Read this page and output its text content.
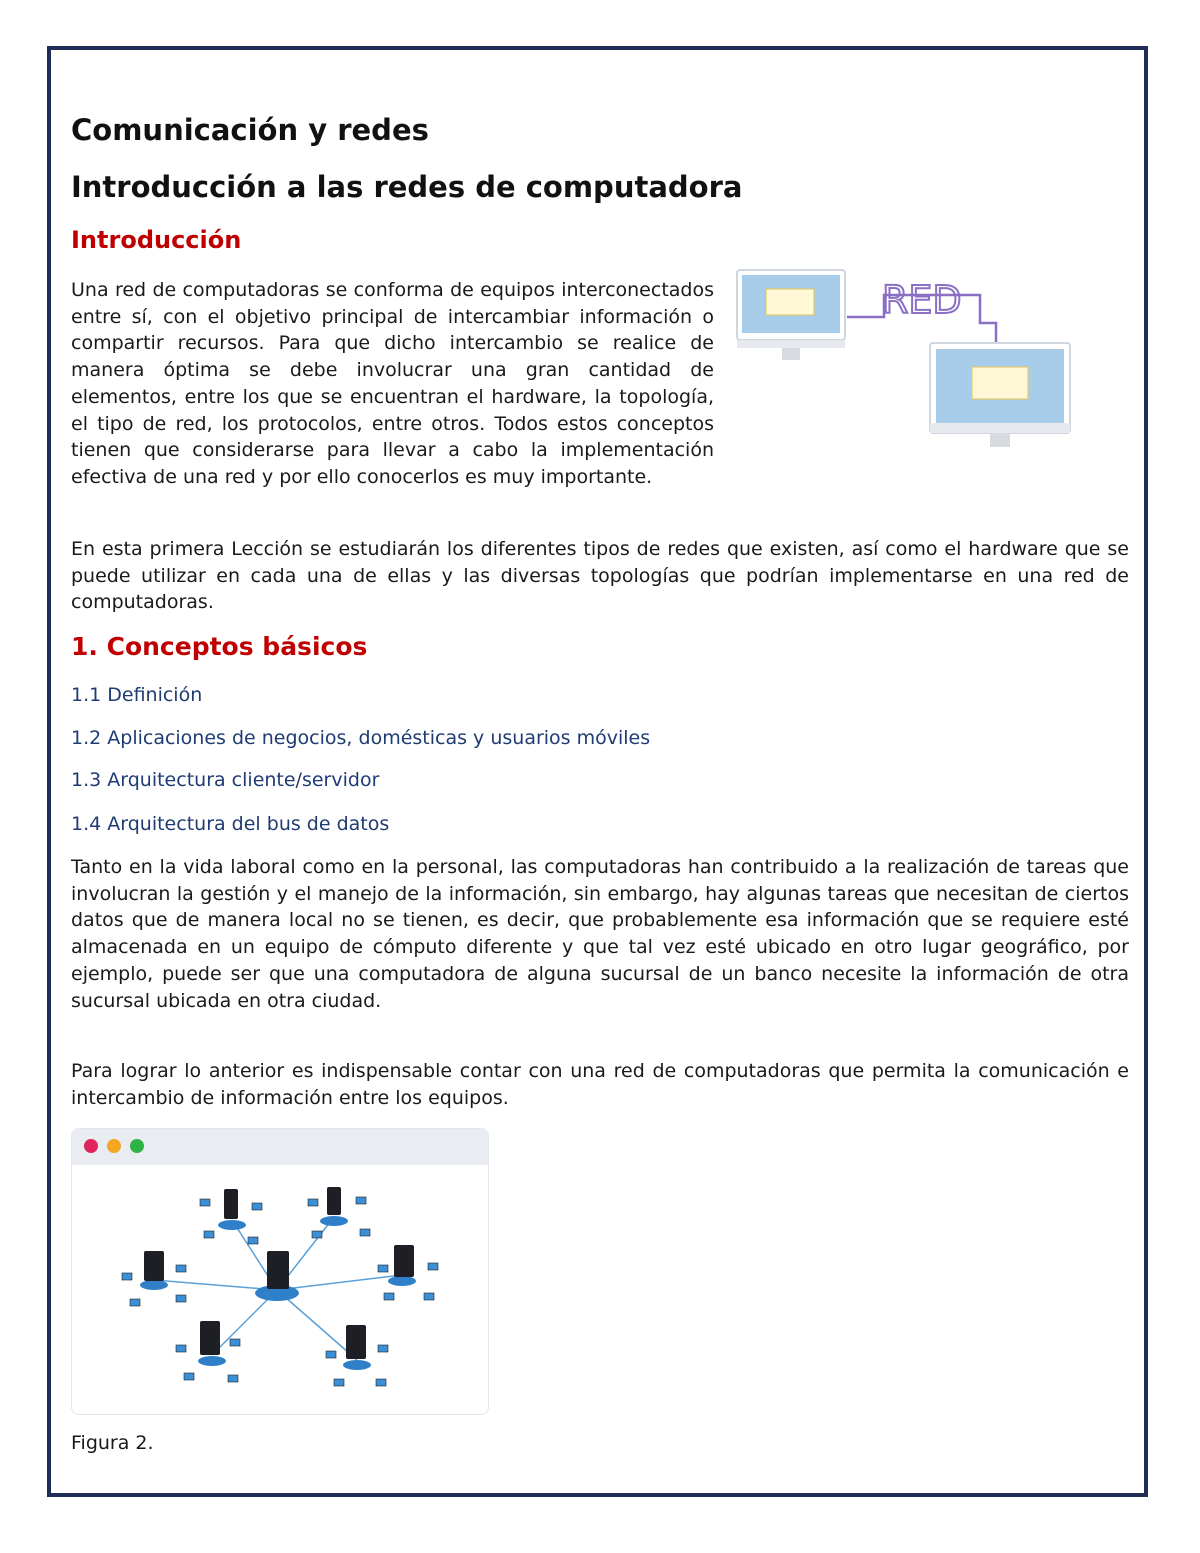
Comunicación y redes
Introducción a las redes de computadora
Introducción
RED

Una red de computadoras se conforma de equipos interconectados entre sí, con el objetivo principal de intercambiar información o compartir recursos. Para que dicho intercambio se realice de manera óptima se debe involucrar una gran cantidad de elementos, entre los que se encuentran el hardware, la topología, el tipo de red, los protocolos, entre otros. Todos estos conceptos tienen que considerarse para llevar a cabo la implementación efectiva de una red y por ello conocerlos es muy importante.

En esta primera Lección se estudiarán los diferentes tipos de redes que existen, así como el hardware que se puede utilizar en cada una de ellas y las diversas topologías que podrían implementarse en una red de computadoras.

1. Conceptos básicos
1.1 Definición
1.2 Aplicaciones de negocios, domésticas y usuarios móviles
1.3 Arquitectura cliente/servidor
1.4 Arquitectura del bus de datos

Tanto en la vida laboral como en la personal, las computadoras han contribuido a la realización de tareas que involucran la gestión y el manejo de la información, sin embargo, hay algunas tareas que necesitan de ciertos datos que de manera local no se tienen, es decir, que probablemente esa información que se requiere esté almacenada en un equipo de cómputo diferente y que tal vez esté ubicado en otro lugar geográfico, por ejemplo, puede ser que una computadora de alguna sucursal de un banco necesite la información de otra sucursal ubicada en otra ciudad.

Para lograr lo anterior es indispensable contar con una red de computadoras que permita la comunicación e intercambio de información entre los equipos.

Figura 2.
